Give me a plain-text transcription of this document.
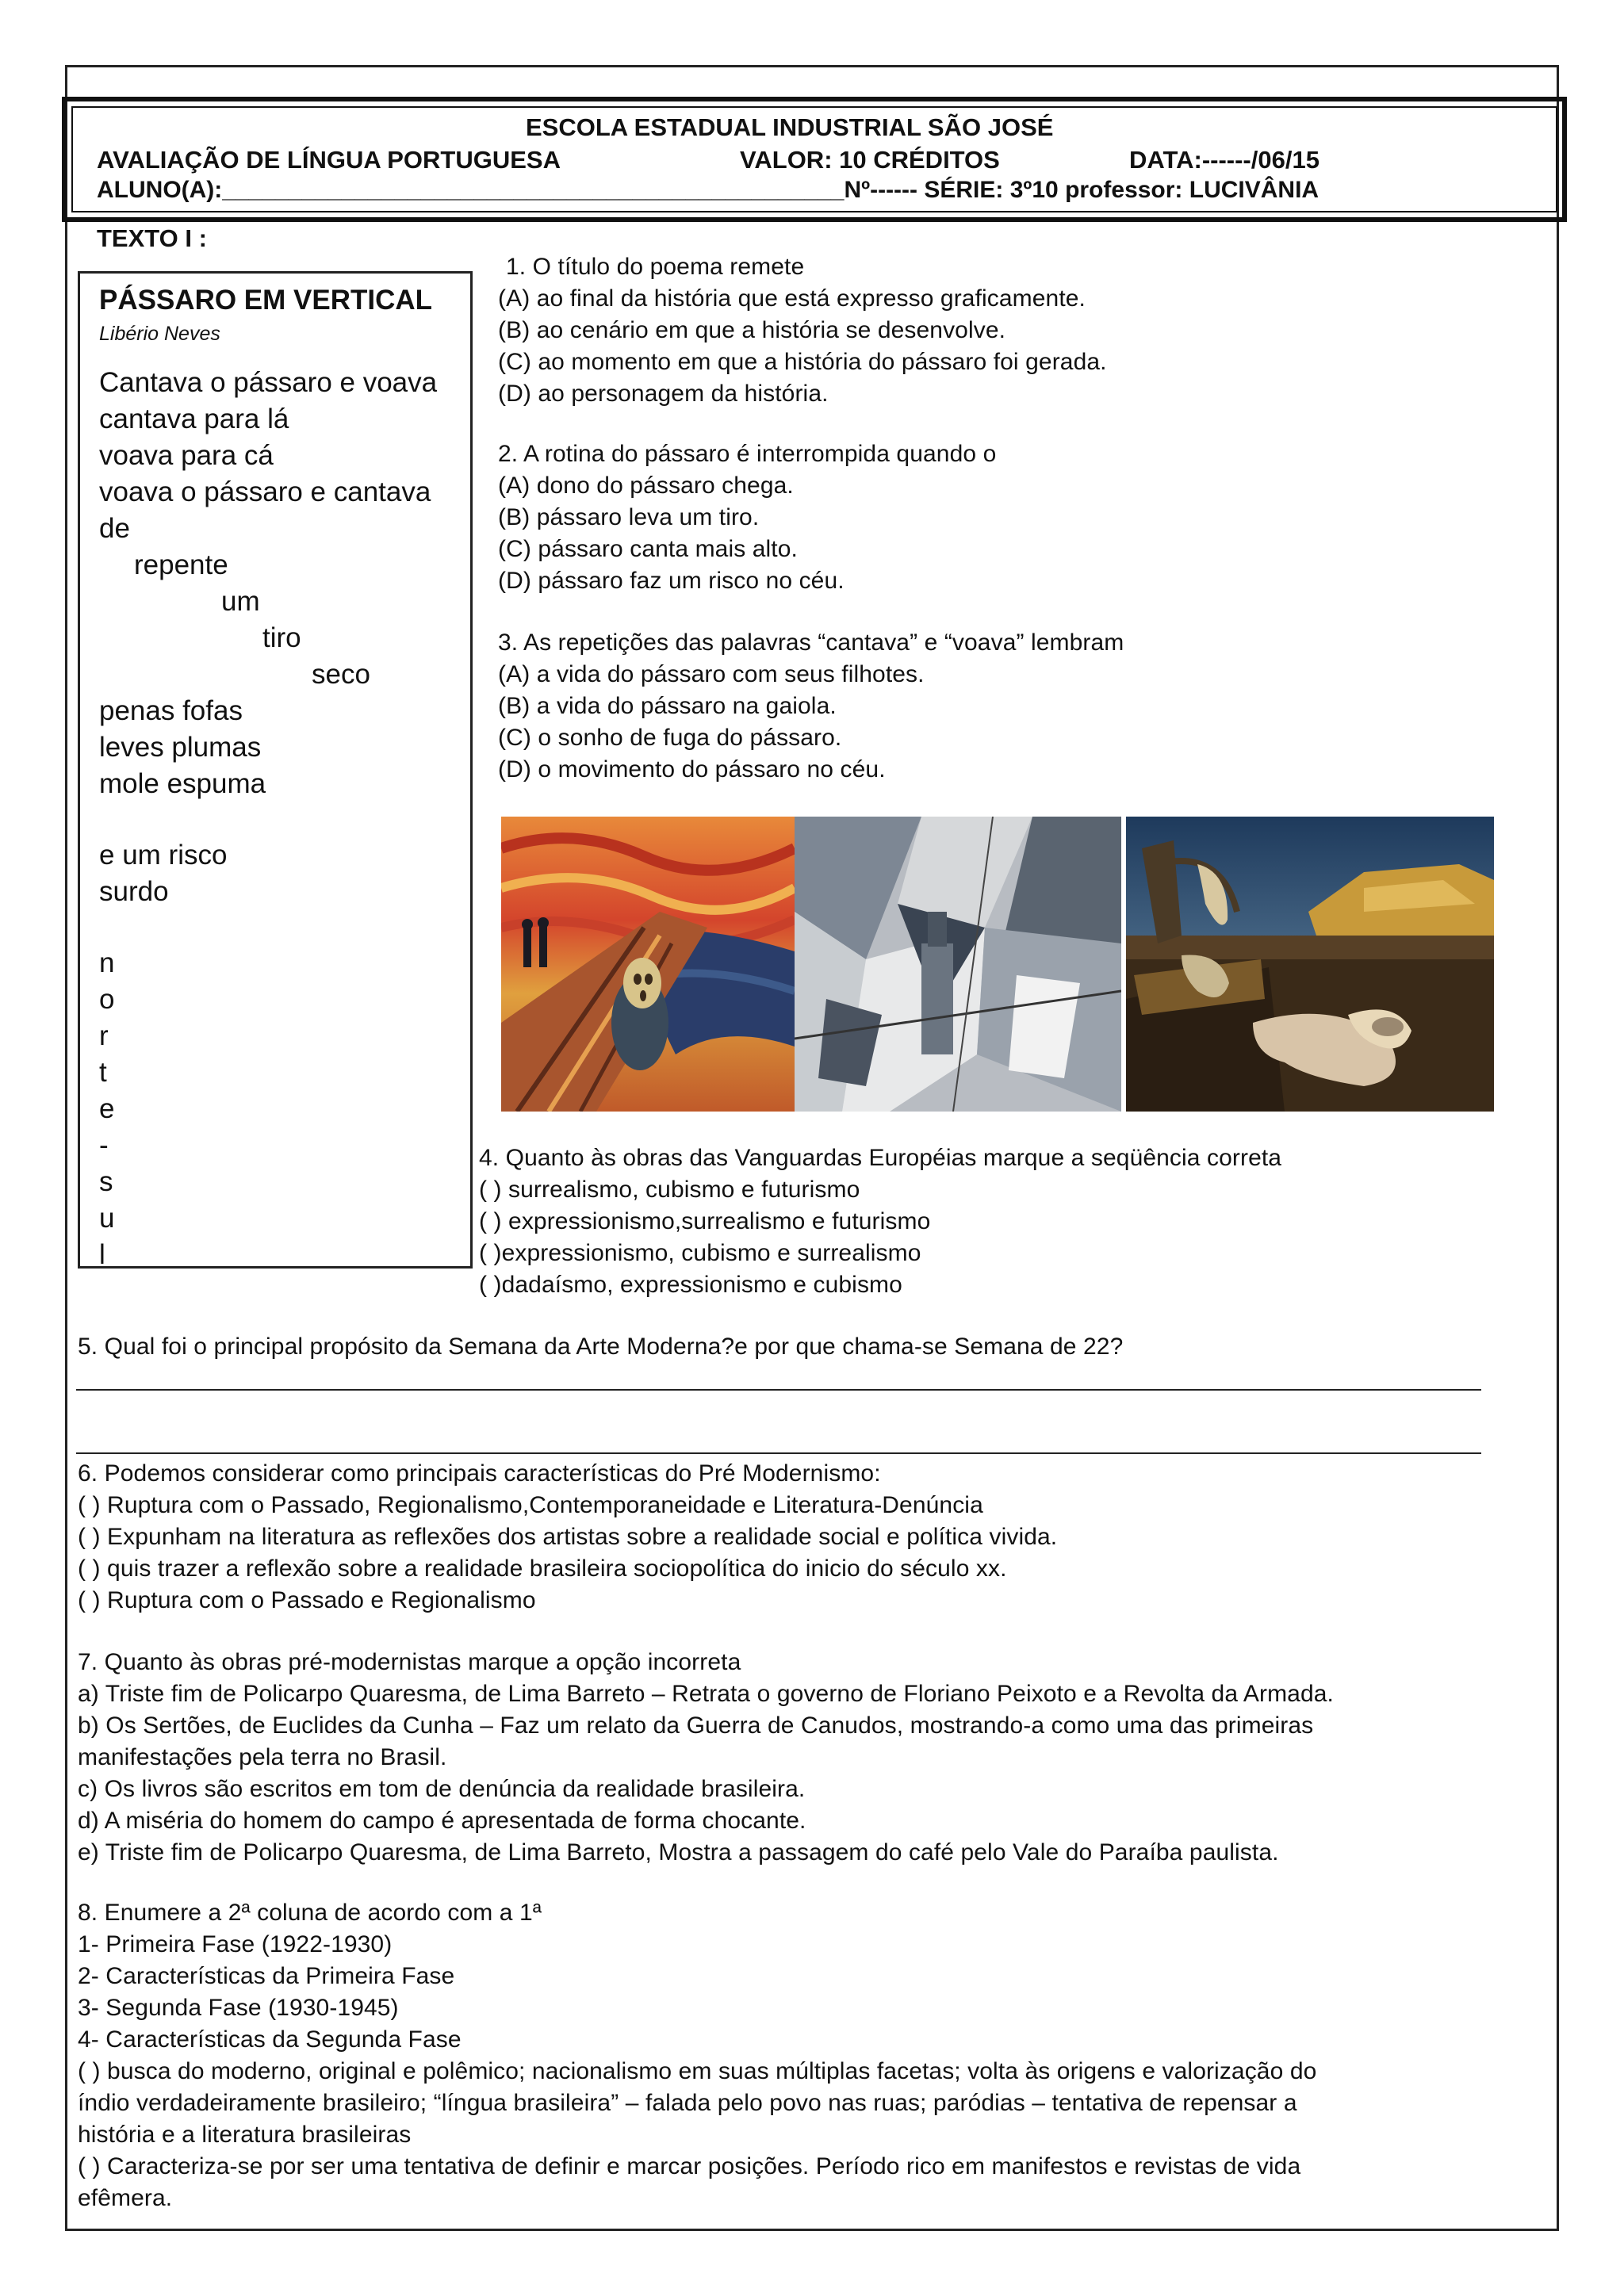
ESCOLA ESTADUAL INDUSTRIAL SÃO JOSÉ
AVALIAÇÃO DE LÍNGUA PORTUGUESA	VALOR: 10 CRÉDITOS	DATA:------/06/15
ALUNO(A):_______________________________________________Nº------ SÉRIE: 3º10 professor: LUCIVÂNIA
TEXTO I :
PÁSSARO EM VERTICAL
Libério Neves
Cantava o pássaro e voava
cantava para lá
voava para cá
voava o pássaro e cantava
de
repente
um
tiro
seco
penas fofas
leves plumas
mole espuma
e um risco
surdo
n
o
r
t
e
-
s
u
l
1. O título do poema remete
(A) ao final da história que está expresso graficamente.
(B) ao cenário em que a história se desenvolve.
(C) ao momento em que a história do pássaro foi gerada.
(D) ao personagem da história.
2. A rotina do pássaro é interrompida quando o
(A) dono do pássaro chega.
(B) pássaro leva um tiro.
(C) pássaro canta mais alto.
(D) pássaro faz um risco no céu.
3. As repetições das palavras “cantava” e “voava” lembram
(A) a vida do pássaro com seus filhotes.
(B) a vida do pássaro na gaiola.
(C) o sonho de fuga do pássaro.
(D) o movimento do pássaro no céu.
4. Quanto às obras das Vanguardas Européias marque a seqüência correta
( ) surrealismo, cubismo e futurismo
( ) expressionismo,surrealismo e futurismo
( )expressionismo, cubismo e surrealismo
( )dadaísmo, expressionismo e cubismo
5. Qual foi o principal propósito da Semana da Arte Moderna?e por que chama-se Semana de 22?
6. Podemos considerar como principais características do Pré Modernismo:
( ) Ruptura com o Passado, Regionalismo,Contemporaneidade e Literatura-Denúncia
( ) Expunham na literatura as reflexões dos artistas sobre a realidade social e política vivida.
( ) quis trazer a reflexão sobre a realidade brasileira sociopolítica do inicio do século xx.
( ) Ruptura com o Passado e Regionalismo
7. Quanto às obras pré-modernistas marque a opção incorreta
a) Triste fim de Policarpo Quaresma, de Lima Barreto – Retrata o governo de Floriano Peixoto e a Revolta da Armada.
b) Os Sertões, de Euclides da Cunha – Faz um relato da Guerra de Canudos, mostrando-a como uma das primeiras
manifestações pela terra no Brasil.
c) Os livros são escritos em tom de denúncia da realidade brasileira.
d) A miséria do homem do campo é apresentada de forma chocante.
e) Triste fim de Policarpo Quaresma, de Lima Barreto, Mostra a passagem do café pelo Vale do Paraíba paulista.
8. Enumere a 2ª coluna de acordo com a 1ª
1- Primeira Fase (1922-1930)
2- Características da Primeira Fase
3- Segunda Fase (1930-1945)
4- Características da Segunda Fase
( ) busca do moderno, original e polêmico; nacionalismo em suas múltiplas facetas; volta às origens e valorização do
índio verdadeiramente brasileiro; “língua brasileira” – falada pelo povo nas ruas; paródias – tentativa de repensar a
história e a literatura brasileiras
( ) Caracteriza-se por ser uma tentativa de definir e marcar posições. Período rico em manifestos e revistas de vida
efêmera.
